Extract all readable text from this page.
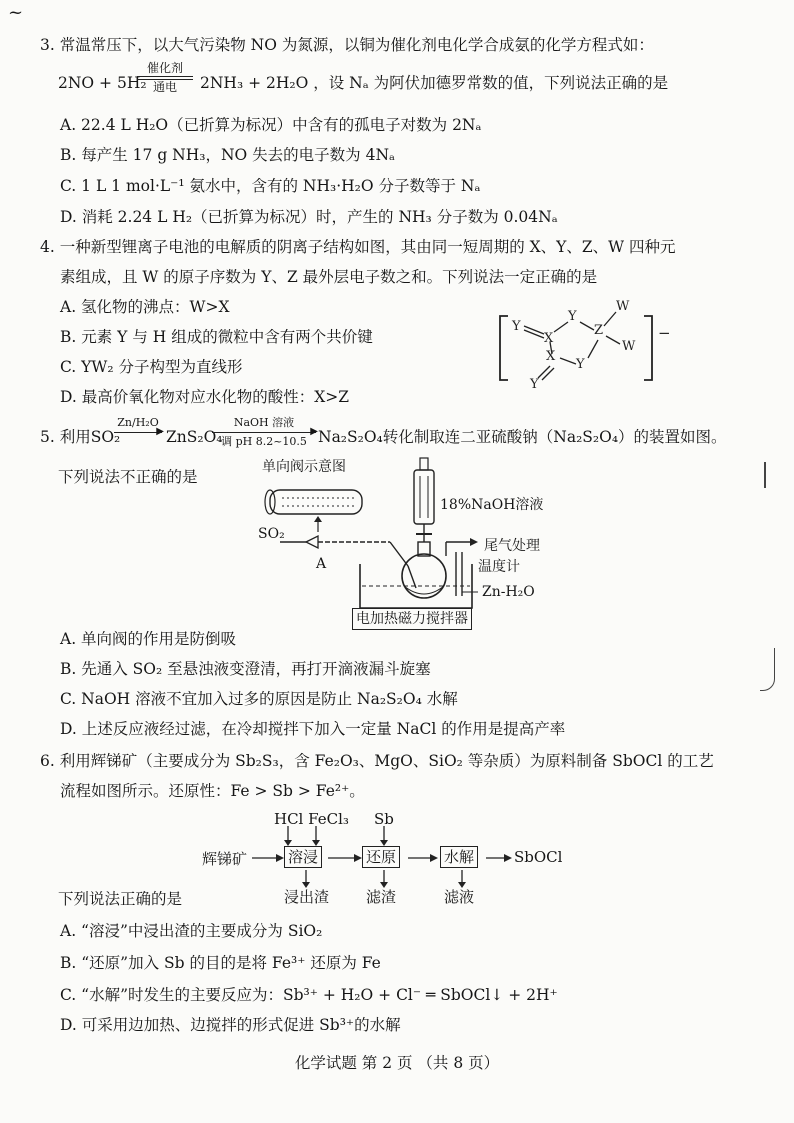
~
3. 常温常压下，以大气污染物 NO 为氮源，以铜为催化剂电化学合成氨的化学方程式如：
2NO + 5H₂
催化剂
通电	2NH₃ + 2H₂O ，设 Nₐ 为阿伏加德罗常数的值，下列说法正确的是
A. 22.4 L H₂O（已折算为标况）中含有的孤电子对数为 2Nₐ
B. 每产生 17 g NH₃，NO 失去的电子数为 4Nₐ
C. 1 L 1 mol·L⁻¹ 氨水中，含有的 NH₃·H₂O 分子数等于 Nₐ
D. 消耗 2.24 L H₂（已折算为标况）时，产生的 NH₃ 分子数为 0.04Nₐ
4. 一种新型锂离子电池的电解质的阴离子结构如图，其由同一短周期的 X、Y、Z、W 四种元
素组成，且 W 的原子序数为 Y、Z 最外层电子数之和。下列说法一定正确的是
A. 氢化物的沸点：W>X
B. 元素 Y 与 H 组成的微粒中含有两个共价键
C. YW₂ 分子构型为直线形
D. 最高价氧化物对应水化物的酸性：X>Z
Y
X
Y
Z
W
W
Y
Y
X
−
5. 利用SO₂
Zn/H₂O
▶ ZnS₂O₄
NaOH 溶液
▶
调 pH 8.2~10.5 Na₂S₂O₄转化制取连二亚硫酸钠（Na₂S₂O₄）的装置如图。
下列说法不正确的是
单向阀示意图
18%NaOH溶液
SO₂
A
尾气处理
温度计
Zn-H₂O
电加热磁力搅拌器
A. 单向阀的作用是防倒吸
B. 先通入 SO₂ 至悬浊液变澄清，再打开滴液漏斗旋塞
C. NaOH 溶液不宜加入过多的原因是防止 Na₂S₂O₄ 水解
D. 上述反应液经过滤，在冷却搅拌下加入一定量 NaCl 的作用是提高产率
6. 利用辉锑矿（主要成分为 Sb₂S₃，含 Fe₂O₃、MgO、SiO₂ 等杂质）为原料制备 SbOCl 的工艺
流程如图所示。还原性：Fe > Sb > Fe²⁺。
HCl FeCl₃ Sb
辉锑矿	溶浸	还原	水解	SbOCl
浸出渣 滤渣	滤液
下列说法正确的是
A. “溶浸”中浸出渣的主要成分为 SiO₂
B. “还原”加入 Sb 的目的是将 Fe³⁺ 还原为 Fe
C. “水解”时发生的主要反应为：Sb³⁺ + H₂O + Cl⁻ ═ SbOCl↓ + 2H⁺
D. 可采用边加热、边搅拌的形式促进 Sb³⁺的水解
化学试题 第 2 页 （共 8 页）
